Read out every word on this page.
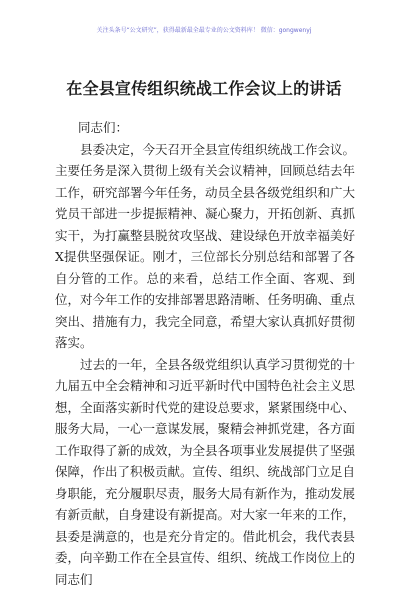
关注头条号“公文研究”，获得最新最全最专业的公文资料库！ 微信：gongwenyj
在全县宣传组织统战工作会议上的讲话

同志们：

县委决定，今天召开全县宣传组织统战工作会议。主要任务是深入贯彻上级有关会议精神，回顾总结去年工作，研究部署今年任务，动员全县各级党组织和广大党员干部进一步提振精神、凝心聚力，开拓创新、真抓实干，为打赢整县脱贫攻坚战、建设绿色开放幸福美好X提供坚强保证。刚才，三位部长分别总结和部署了各自分管的工作。总的来看，总结工作全面、客观、到位，对今年工作的安排部署思路清晰、任务明确、重点突出、措施有力，我完全同意，希望大家认真抓好贯彻落实。

过去的一年，全县各级党组织认真学习贯彻党的十九届五中全会精神和习近平新时代中国特色社会主义思想，全面落实新时代党的建设总要求，紧紧围绕中心、服务大局，一心一意谋发展，聚精会神抓党建，各方面工作取得了新的成效，为全县各项事业发展提供了坚强保障，作出了积极贡献。宣传、组织、统战部门立足自身职能，充分履职尽责，服务大局有新作为，推动发展有新贡献，自身建设有新提高。对大家一年来的工作，县委是满意的，也是充分肯定的。借此机会，我代表县委，向辛勤工作在全县宣传、组织、统战工作岗位上的同志们
